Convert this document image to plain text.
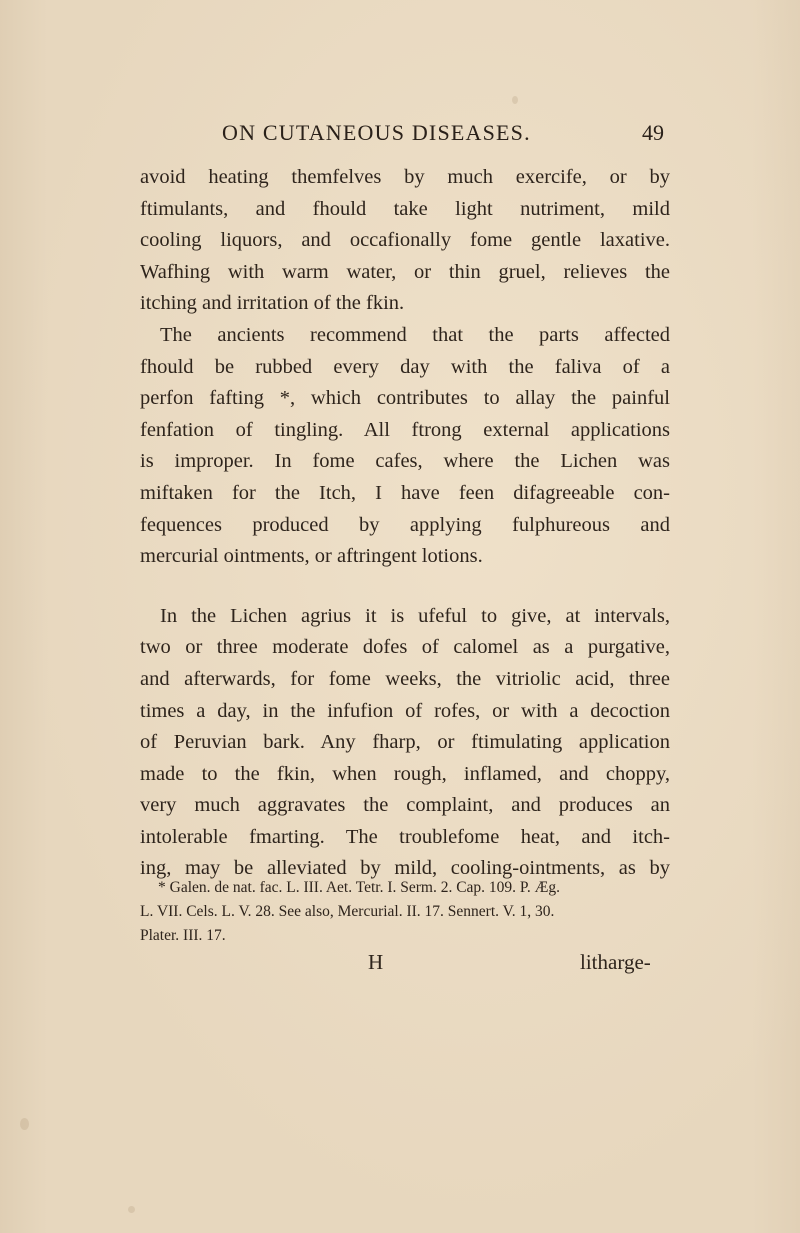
ON CUTANEOUS DISEASES.	49

avoid heating themfelves by much exercife, or by
ftimulants, and fhould take light nutriment, mild
cooling liquors, and occafionally fome gentle laxative.
Wafhing with warm water, or thin gruel, relieves the
itching and irritation of the fkin.

The ancients recommend that the parts affected
fhould be rubbed every day with the faliva of a
perfon fafting *, which contributes to allay the painful
fenfation of tingling. All ftrong external applications
is improper. In fome cafes, where the Lichen was
miftaken for the Itch, I have feen difagreeable con-
fequences produced by applying fulphureous and
mercurial ointments, or aftringent lotions.

In the Lichen agrius it is ufeful to give, at intervals,
two or three moderate dofes of calomel as a purgative,
and afterwards, for fome weeks, the vitriolic acid, three
times a day, in the infufion of rofes, or with a decoction
of Peruvian bark. Any fharp, or ftimulating application
made to the fkin, when rough, inflamed, and choppy,
very much aggravates the complaint, and produces an
intolerable fmarting. The troublefome heat, and itch-
ing, may be alleviated by mild, cooling-ointments, as by

* Galen. de nat. fac. L. III. Aet. Tetr. I. Serm. 2. Cap. 109. P. Æg.
L. VII. Cels. L. V. 28. See also, Mercurial. II. 17. Sennert. V. 1, 30.
Plater. III. 17.
H	litharge-
